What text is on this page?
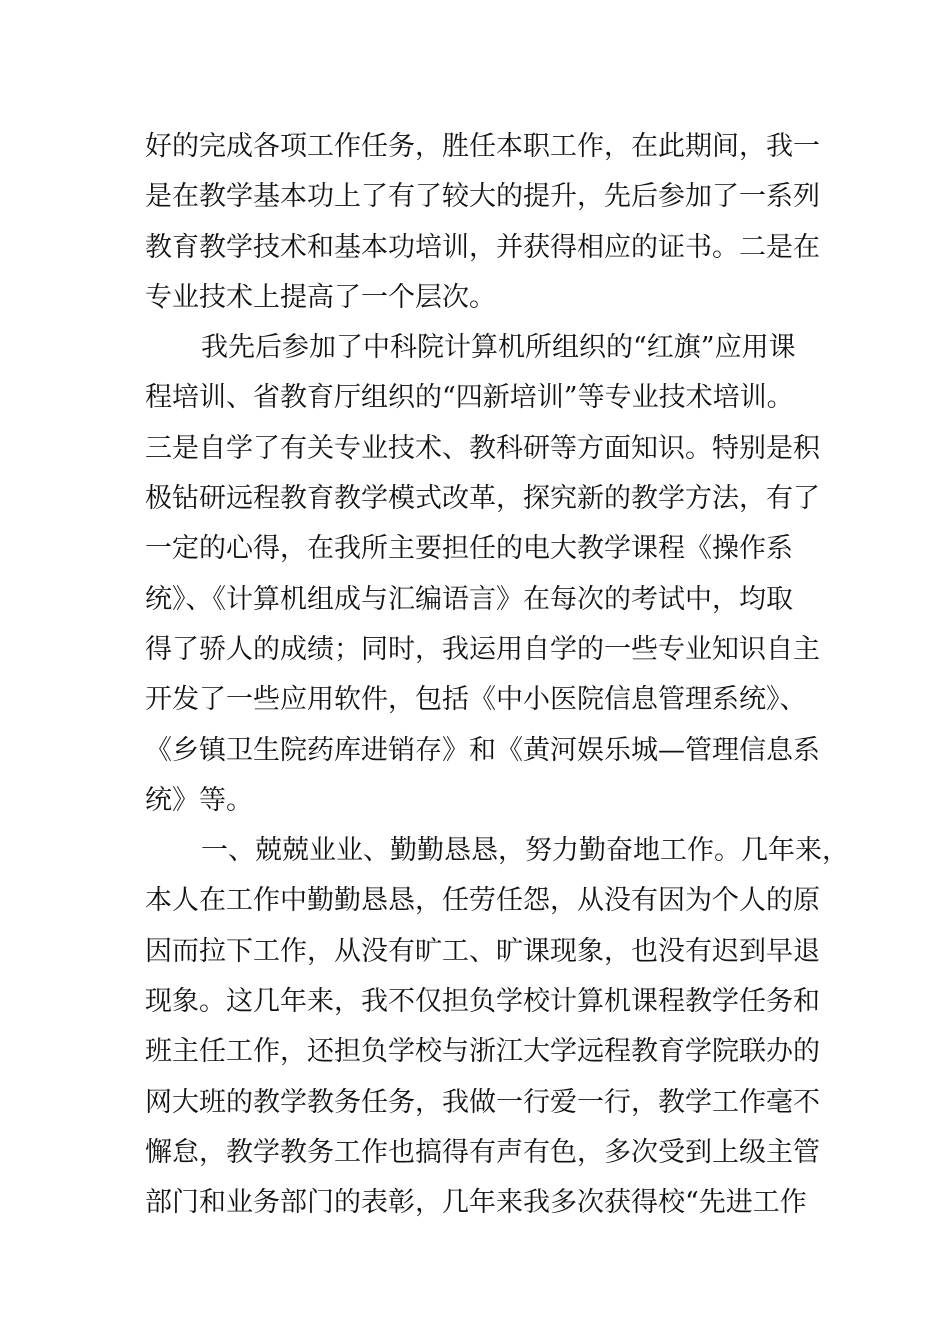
好的完成各项工作任务，胜任本职工作，在此期间，我一
是在教学基本功上了有了较大的提升，先后参加了一系列
教育教学技术和基本功培训，并获得相应的证书。二是在
专业技术上提高了一个层次。
我先后参加了中科院计算机所组织的“红旗”应用课
程培训、省教育厅组织的“四新培训”等专业技术培训。
三是自学了有关专业技术、教科研等方面知识。特别是积
极钻研远程教育教学模式改革，探究新的教学方法，有了
一定的心得，在我所主要担任的电大教学课程《操作系
统》、《计算机组成与汇编语言》在每次的考试中，均取
得了骄人的成绩；同时，我运用自学的一些专业知识自主
开发了一些应用软件，包括《中小医院信息管理系统》、
《乡镇卫生院药库进销存》和《黄河娱乐城—管理信息系
统》等。
一、兢兢业业、勤勤恳恳，努力勤奋地工作。几年来，
本人在工作中勤勤恳恳，任劳任怨，从没有因为个人的原
因而拉下工作，从没有旷工、旷课现象，也没有迟到早退
现象。这几年来，我不仅担负学校计算机课程教学任务和
班主任工作，还担负学校与浙江大学远程教育学院联办的
网大班的教学教务任务，我做一行爱一行，教学工作毫不
懈怠，教学教务工作也搞得有声有色，多次受到上级主管
部门和业务部门的表彰，几年来我多次获得校“先进工作
